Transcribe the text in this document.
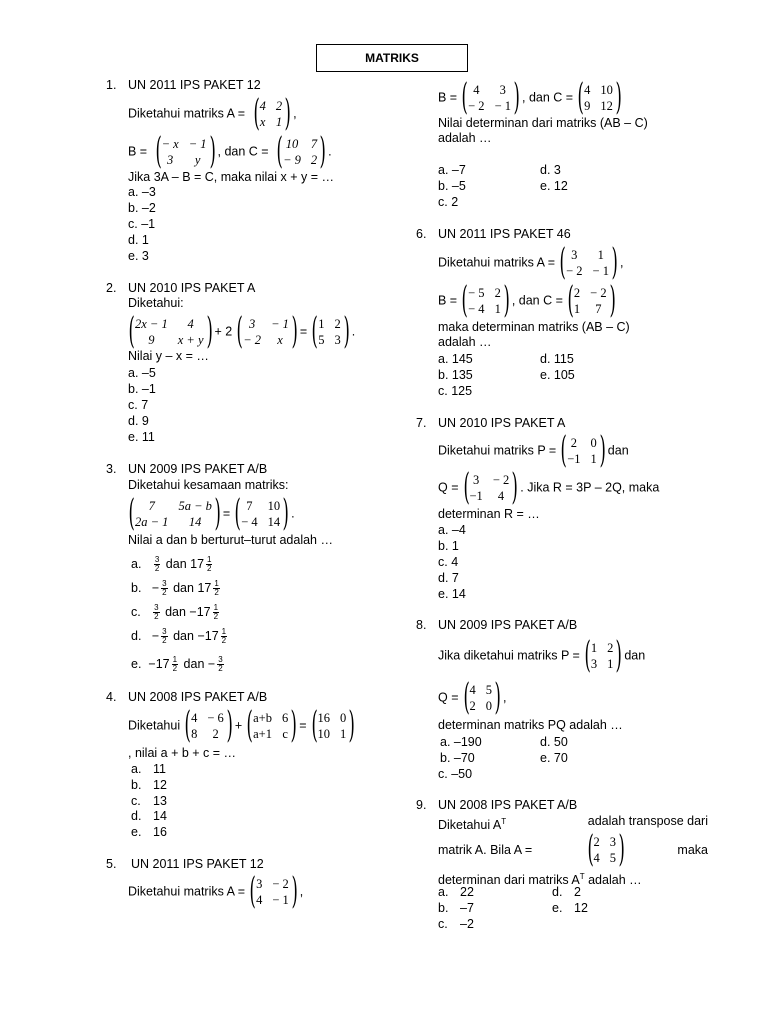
MATRIKS
1. UN 2011 IPS PAKET 12
Diketahui matriks A = ( 4 2
x 1 ) ,
B = ( − x − 1
3	y ) , dan C = ( 10 7
− 9 2 ) .
Jika 3A – B = C, maka nilai x + y = …
a. –3
b. –2
c. –1
d. 1
e. 3
2. UN 2010 IPS PAKET A
Diketahui:
( 2x − 1	4
9	x + y ) + 2 ( 3	− 1
− 2	x ) = ( 1 2
5 3 ) .
Nilai y – x = …
a. –5
b. –1
c. 7
d. 9
e. 11
3. UN 2009 IPS PAKET A/B
Diketahui kesamaan matriks:
(	7	5a − b
2a − 1	14 ) = ( 7	10
− 4 14 ) .
Nilai a dan b berturut–turut adalah …
a. $\frac{3}{2}$ dan $17 \frac{1}{2}$
b. − $\frac{3}{2}$ dan $17 \frac{1}{2}$
c. $\frac{3}{2}$ dan $-17 \frac{1}{2}$
d. − $\frac{3}{2}$ dan $-17 \frac{1}{2}$
e. $-17 \frac{1}{2}$ dan − $\frac{3}{2}$
4. UN 2008 IPS PAKET A/B
Diketahui ( 4 − 6
8	2 ) + ( a+b 6
a+1 c ) = ( 16 0
10 1 )
, nilai a + b + c = …
a. 11
b. 12
c. 13
d. 14
e. 16
5. UN 2011 IPS PAKET 12
Diketahui matriks A = ( 3 − 2
4 − 1 ) ,
B = ( 4	3
− 2 − 1 ) , dan C = ( 4 10
9 12 )
Nilai determinan dari matriks (AB – C)
adalah …
a. –7	d. 3
b. –5	e. 12
c. 2
6. UN 2011 IPS PAKET 46
Diketahui matriks A = ( 3	1
− 2 − 1 ) ,
B = ( − 5 2
− 4 1 ) , dan C = ( 2 − 2
1	7 )
maka determinan matriks (AB – C)
adalah …
a. 145	d. 115
b. 135	e. 105
c. 125
7. UN 2010 IPS PAKET A
Diketahui matriks P = ( 2 0
−1 1 ) dan
Q = ( 3 − 2
−1	4 ) . Jika R = 3P – 2Q, maka
determinan R = …
a. –4
b. 1
c. 4
d. 7
e. 14
8. UN 2009 IPS PAKET A/B
Jika diketahui matriks P = ( 1 2
3 1 ) dan
Q = ( 4 5
2 0 ) ,
determinan matriks PQ adalah …
a. –190	d. 50
b. –70	e. 70
c. –50
9. UN 2008 IPS PAKET A/B
Diketahui $A^T$	adalah transpose dari
matrik A. Bila A = ( 2 3
4 5 )	maka
determinan dari matriks $A^T$ adalah …
a. 22	d. 2
b. –7	e. 12
c. –2
